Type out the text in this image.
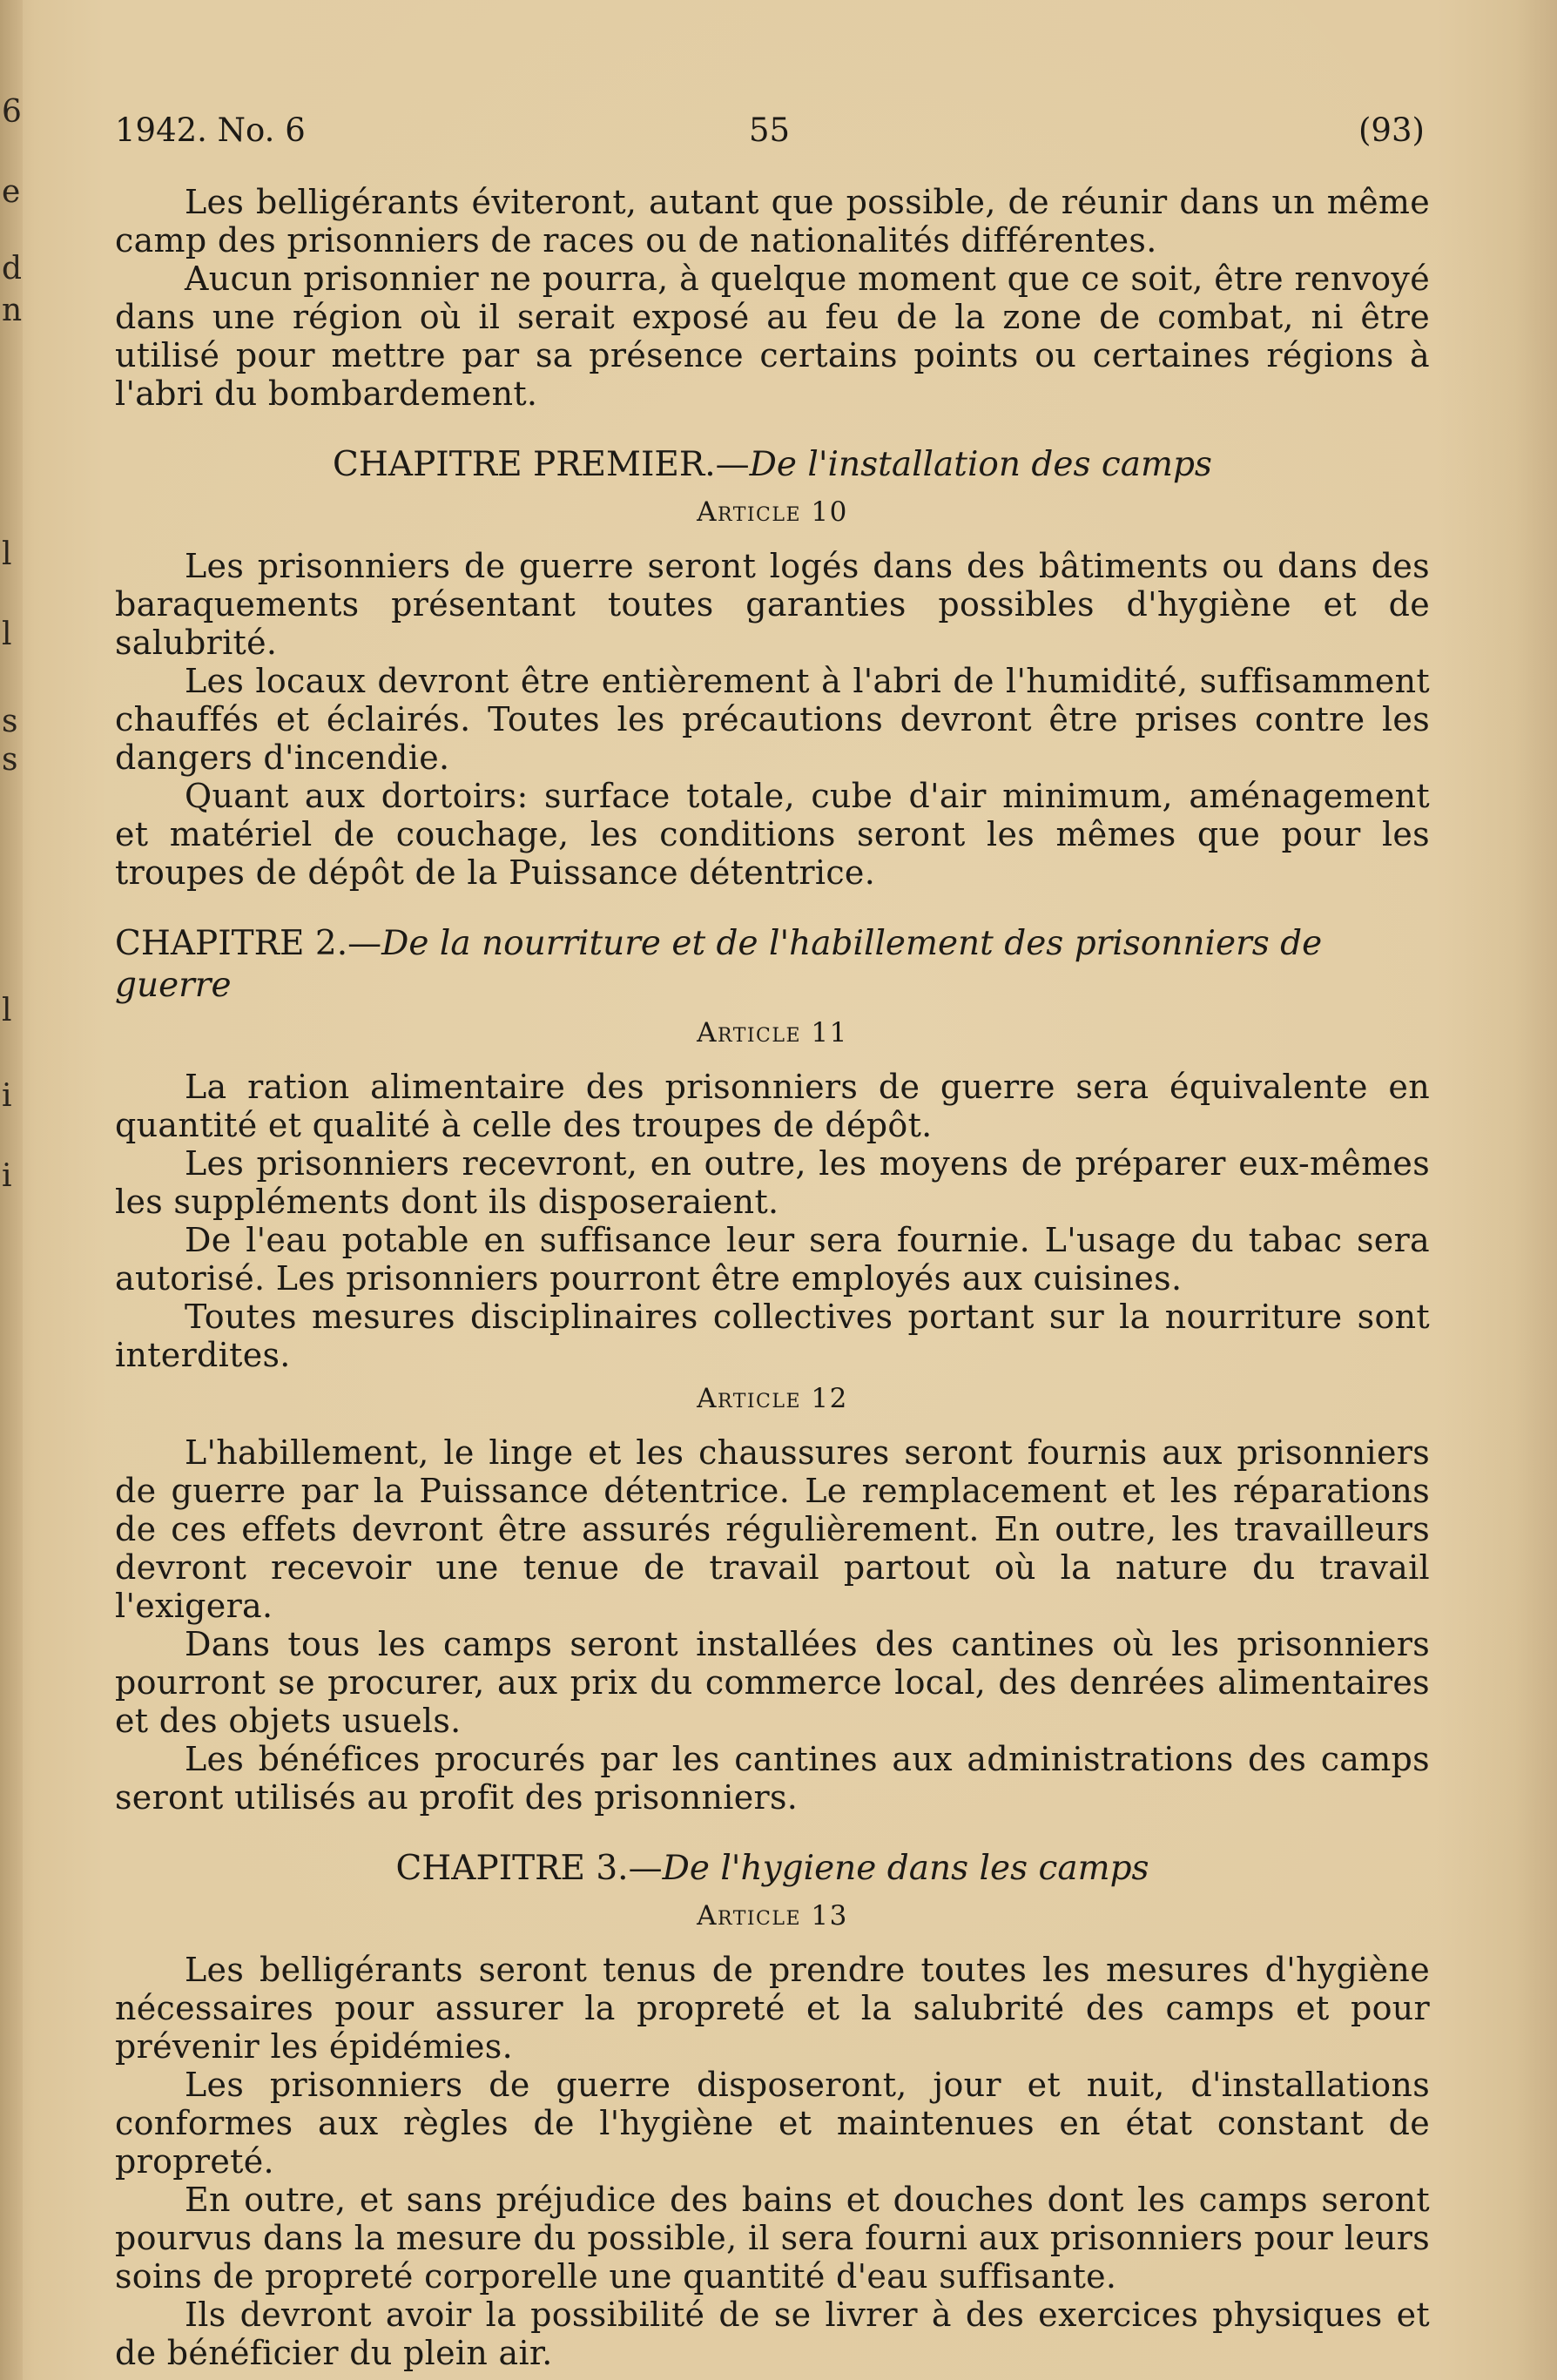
6
e
d
n
l
l
s
s
l
i
i
1942. No. 6	55	(93)

Les belligérants éviteront, autant que possible, de réunir dans un même camp des prisonniers de races ou de nationalités différentes.

Aucun prisonnier ne pourra, à quelque moment que ce soit, être renvoyé dans une région où il serait exposé au feu de la zone de combat, ni être utilisé pour mettre par sa présence certains points ou certaines régions à l'abri du bombardement.

CHAPITRE PREMIER.—De l'installation des camps
Article 10

Les prisonniers de guerre seront logés dans des bâtiments ou dans des baraquements présentant toutes garanties possibles d'hygiène et de salubrité.

Les locaux devront être entièrement à l'abri de l'humidité, suffisamment chauffés et éclairés. Toutes les précautions devront être prises contre les dangers d'incendie.

Quant aux dortoirs: surface totale, cube d'air minimum, aménagement et matériel de couchage, les conditions seront les mêmes que pour les troupes de dépôt de la Puissance détentrice.

CHAPITRE 2.—De la nourriture et de l'habillement des prisonniers de guerre
Article 11

La ration alimentaire des prisonniers de guerre sera équivalente en quantité et qualité à celle des troupes de dépôt.

Les prisonniers recevront, en outre, les moyens de préparer eux-mêmes les suppléments dont ils disposeraient.

De l'eau potable en suffisance leur sera fournie. L'usage du tabac sera autorisé. Les prisonniers pourront être employés aux cuisines.

Toutes mesures disciplinaires collectives portant sur la nourriture sont interdites.

Article 12

L'habillement, le linge et les chaussures seront fournis aux prisonniers de guerre par la Puissance détentrice. Le remplacement et les réparations de ces effets devront être assurés régulièrement. En outre, les travailleurs devront recevoir une tenue de travail partout où la nature du travail l'exigera.

Dans tous les camps seront installées des cantines où les prisonniers pourront se procurer, aux prix du commerce local, des denrées alimentaires et des objets usuels.

Les bénéfices procurés par les cantines aux administrations des camps seront utilisés au profit des prisonniers.

CHAPITRE 3.—De l'hygiene dans les camps
Article 13

Les belligérants seront tenus de prendre toutes les mesures d'hygiène nécessaires pour assurer la propreté et la salubrité des camps et pour prévenir les épidémies.

Les prisonniers de guerre disposeront, jour et nuit, d'installations conformes aux règles de l'hygiène et maintenues en état constant de propreté.

En outre, et sans préjudice des bains et douches dont les camps seront pourvus dans la mesure du possible, il sera fourni aux prisonniers pour leurs soins de propreté corporelle une quantité d'eau suffisante.

Ils devront avoir la possibilité de se livrer à des exercices physiques et de bénéficier du plein air.
